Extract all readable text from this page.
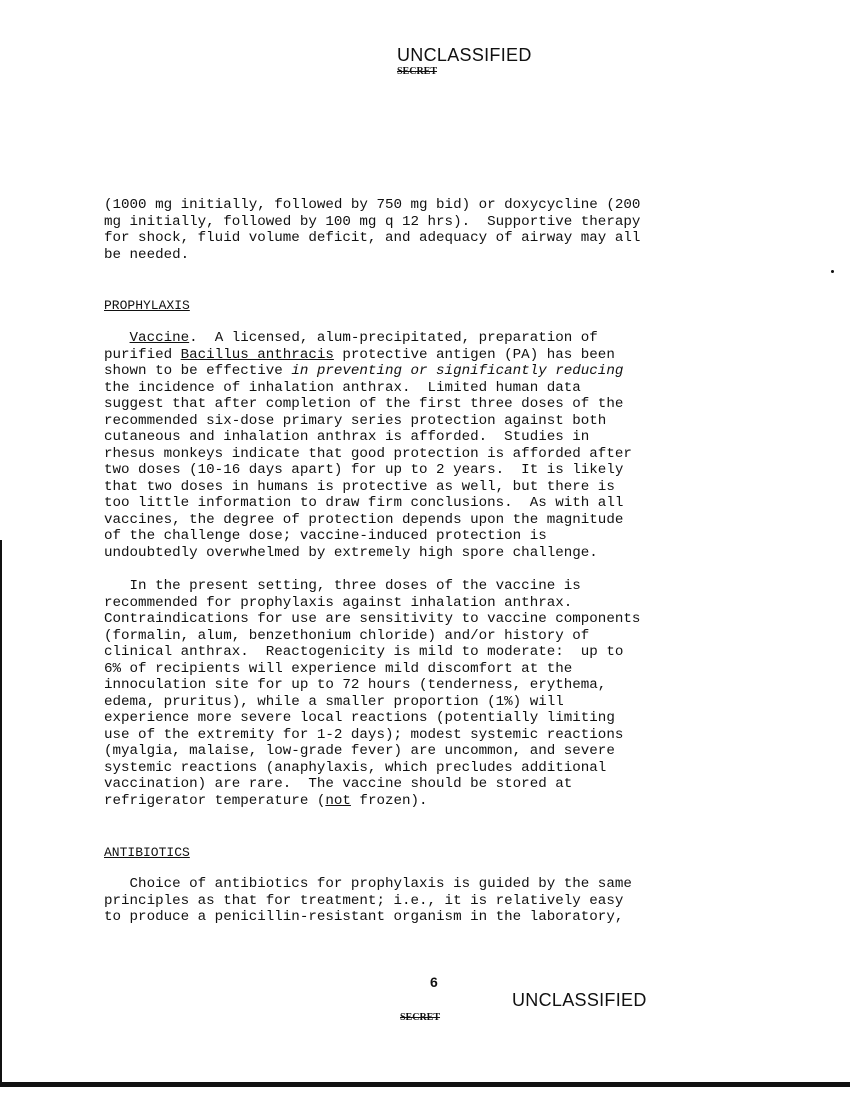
UNCLASSIFIED
SECRET
(1000 mg initially, followed by 750 mg bid) or doxycycline (200
mg initially, followed by 100 mg q 12 hrs).  Supportive therapy
for shock, fluid volume deficit, and adequacy of airway may all
be needed.
PROPHYLAXIS
Vaccine.  A licensed, alum-precipitated, preparation of
purified Bacillus anthracis protective antigen (PA) has been
shown to be effective in preventing or significantly reducing
the incidence of inhalation anthrax.  Limited human data
suggest that after completion of the first three doses of the
recommended six-dose primary series protection against both
cutaneous and inhalation anthrax is afforded.  Studies in
rhesus monkeys indicate that good protection is afforded after
two doses (10-16 days apart) for up to 2 years.  It is likely
that two doses in humans is protective as well, but there is
too little information to draw firm conclusions.  As with all
vaccines, the degree of protection depends upon the magnitude
of the challenge dose; vaccine-induced protection is
undoubtedly overwhelmed by extremely high spore challenge.
In the present setting, three doses of the vaccine is
recommended for prophylaxis against inhalation anthrax.
Contraindications for use are sensitivity to vaccine components
(formalin, alum, benzethonium chloride) and/or history of
clinical anthrax.  Reactogenicity is mild to moderate:  up to
6% of recipients will experience mild discomfort at the
innoculation site for up to 72 hours (tenderness, erythema,
edema, pruritus), while a smaller proportion (1%) will
experience more severe local reactions (potentially limiting
use of the extremity for 1-2 days); modest systemic reactions
(myalgia, malaise, low-grade fever) are uncommon, and severe
systemic reactions (anaphylaxis, which precludes additional
vaccination) are rare.  The vaccine should be stored at
refrigerator temperature (not frozen).
ANTIBIOTICS
Choice of antibiotics for prophylaxis is guided by the same
principles as that for treatment; i.e., it is relatively easy
to produce a penicillin-resistant organism in the laboratory,
6
UNCLASSIFIED
SECRET
